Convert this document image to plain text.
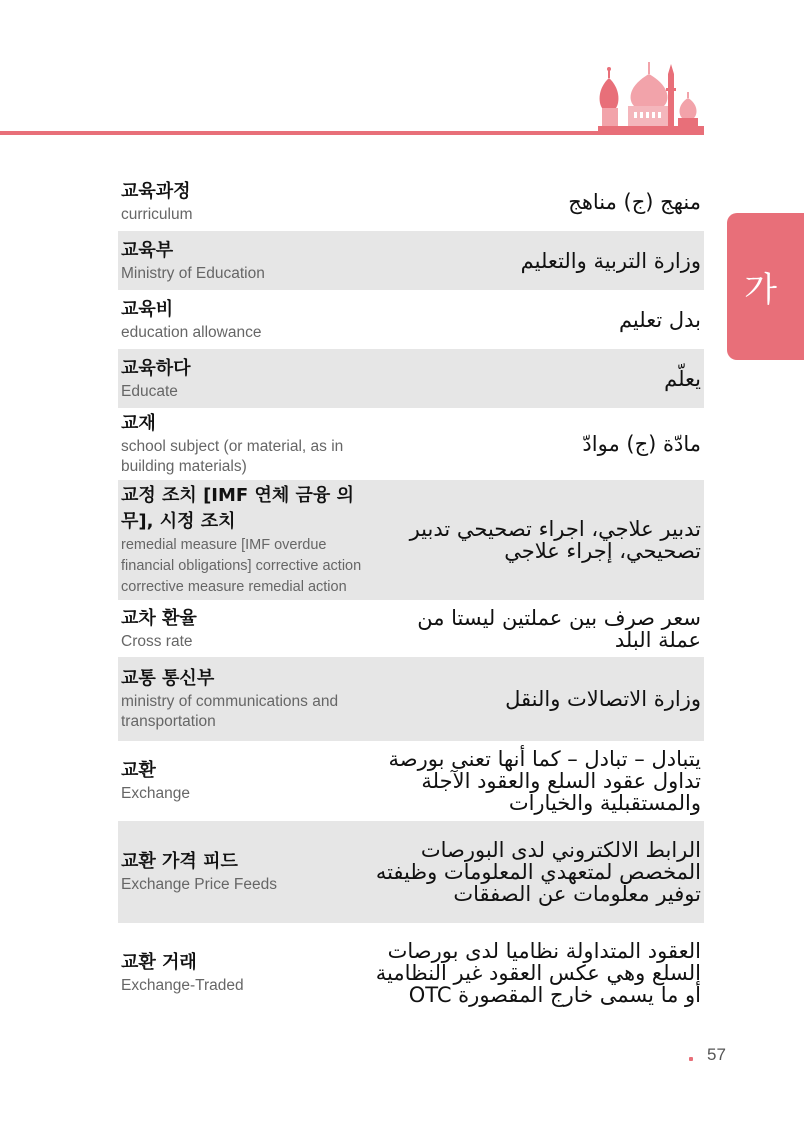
가
교육과정
curriculum
منهج (ج) مناهج
교육부
Ministry of Education
وزارة التربية والتعليم
교육비
education allowance
بدل تعليم
교육하다
Educate
يعلّم
교재
school subject (or material, as in building materials)
مادّة (ج) موادّ
교정 조치 [IMF 연체 금융 의무], 시정 조치
remedial measure [IMF overdue financial obligations] corrective action corrective measure remedial action
تدبير علاجي، اجراء تصحيحي تدبير تصحيحي، إجراء علاجي
교차 환율
Cross rate
سعر صرف بين عملتين ليستا من عملة البلد
교통 통신부
ministry of communications and transportation
وزارة الاتصالات والنقل
교환
Exchange
يتبادل – تبادل – كما أنها تعنى بورصة تداول عقود السلع والعقود الآجلة والمستقبلية والخيارات
교환 가격 피드
Exchange Price Feeds
الرابط الالكتروني لدى البورصات المخصص لمتعهدي المعلومات وظيفته توفير معلومات عن الصفقات
교환 거래
Exchange-Traded
العقود المتداولة نظاميا لدى بورصات السلع وهي عكس العقود غير النظامية أو ما يسمى خارج المقصورة OTC
57
